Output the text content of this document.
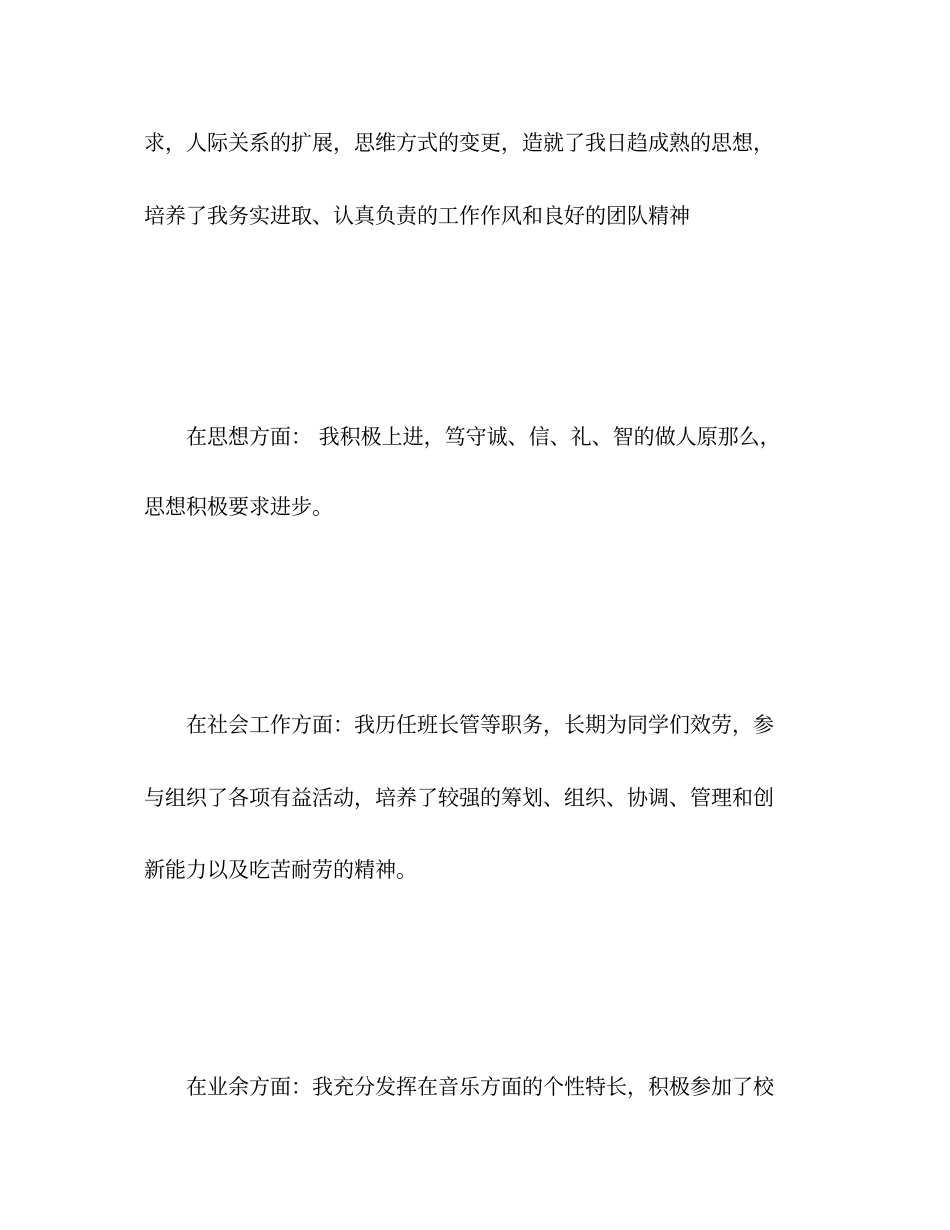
求，人际关系的扩展，思维方式的变更，造就了我日趋成熟的思想，
培养了我务实进取、认真负责的工作作风和良好的团队精神
在思想方面： 我积极上进，笃守诚、信、礼、智的做人原那么，
思想积极要求进步。
在社会工作方面：我历任班长管等职务，长期为同学们效劳，参
与组织了各项有益活动，培养了较强的筹划、组织、协调、管理和创
新能力以及吃苦耐劳的精神。
在业余方面：我充分发挥在音乐方面的个性特长，积极参加了校
